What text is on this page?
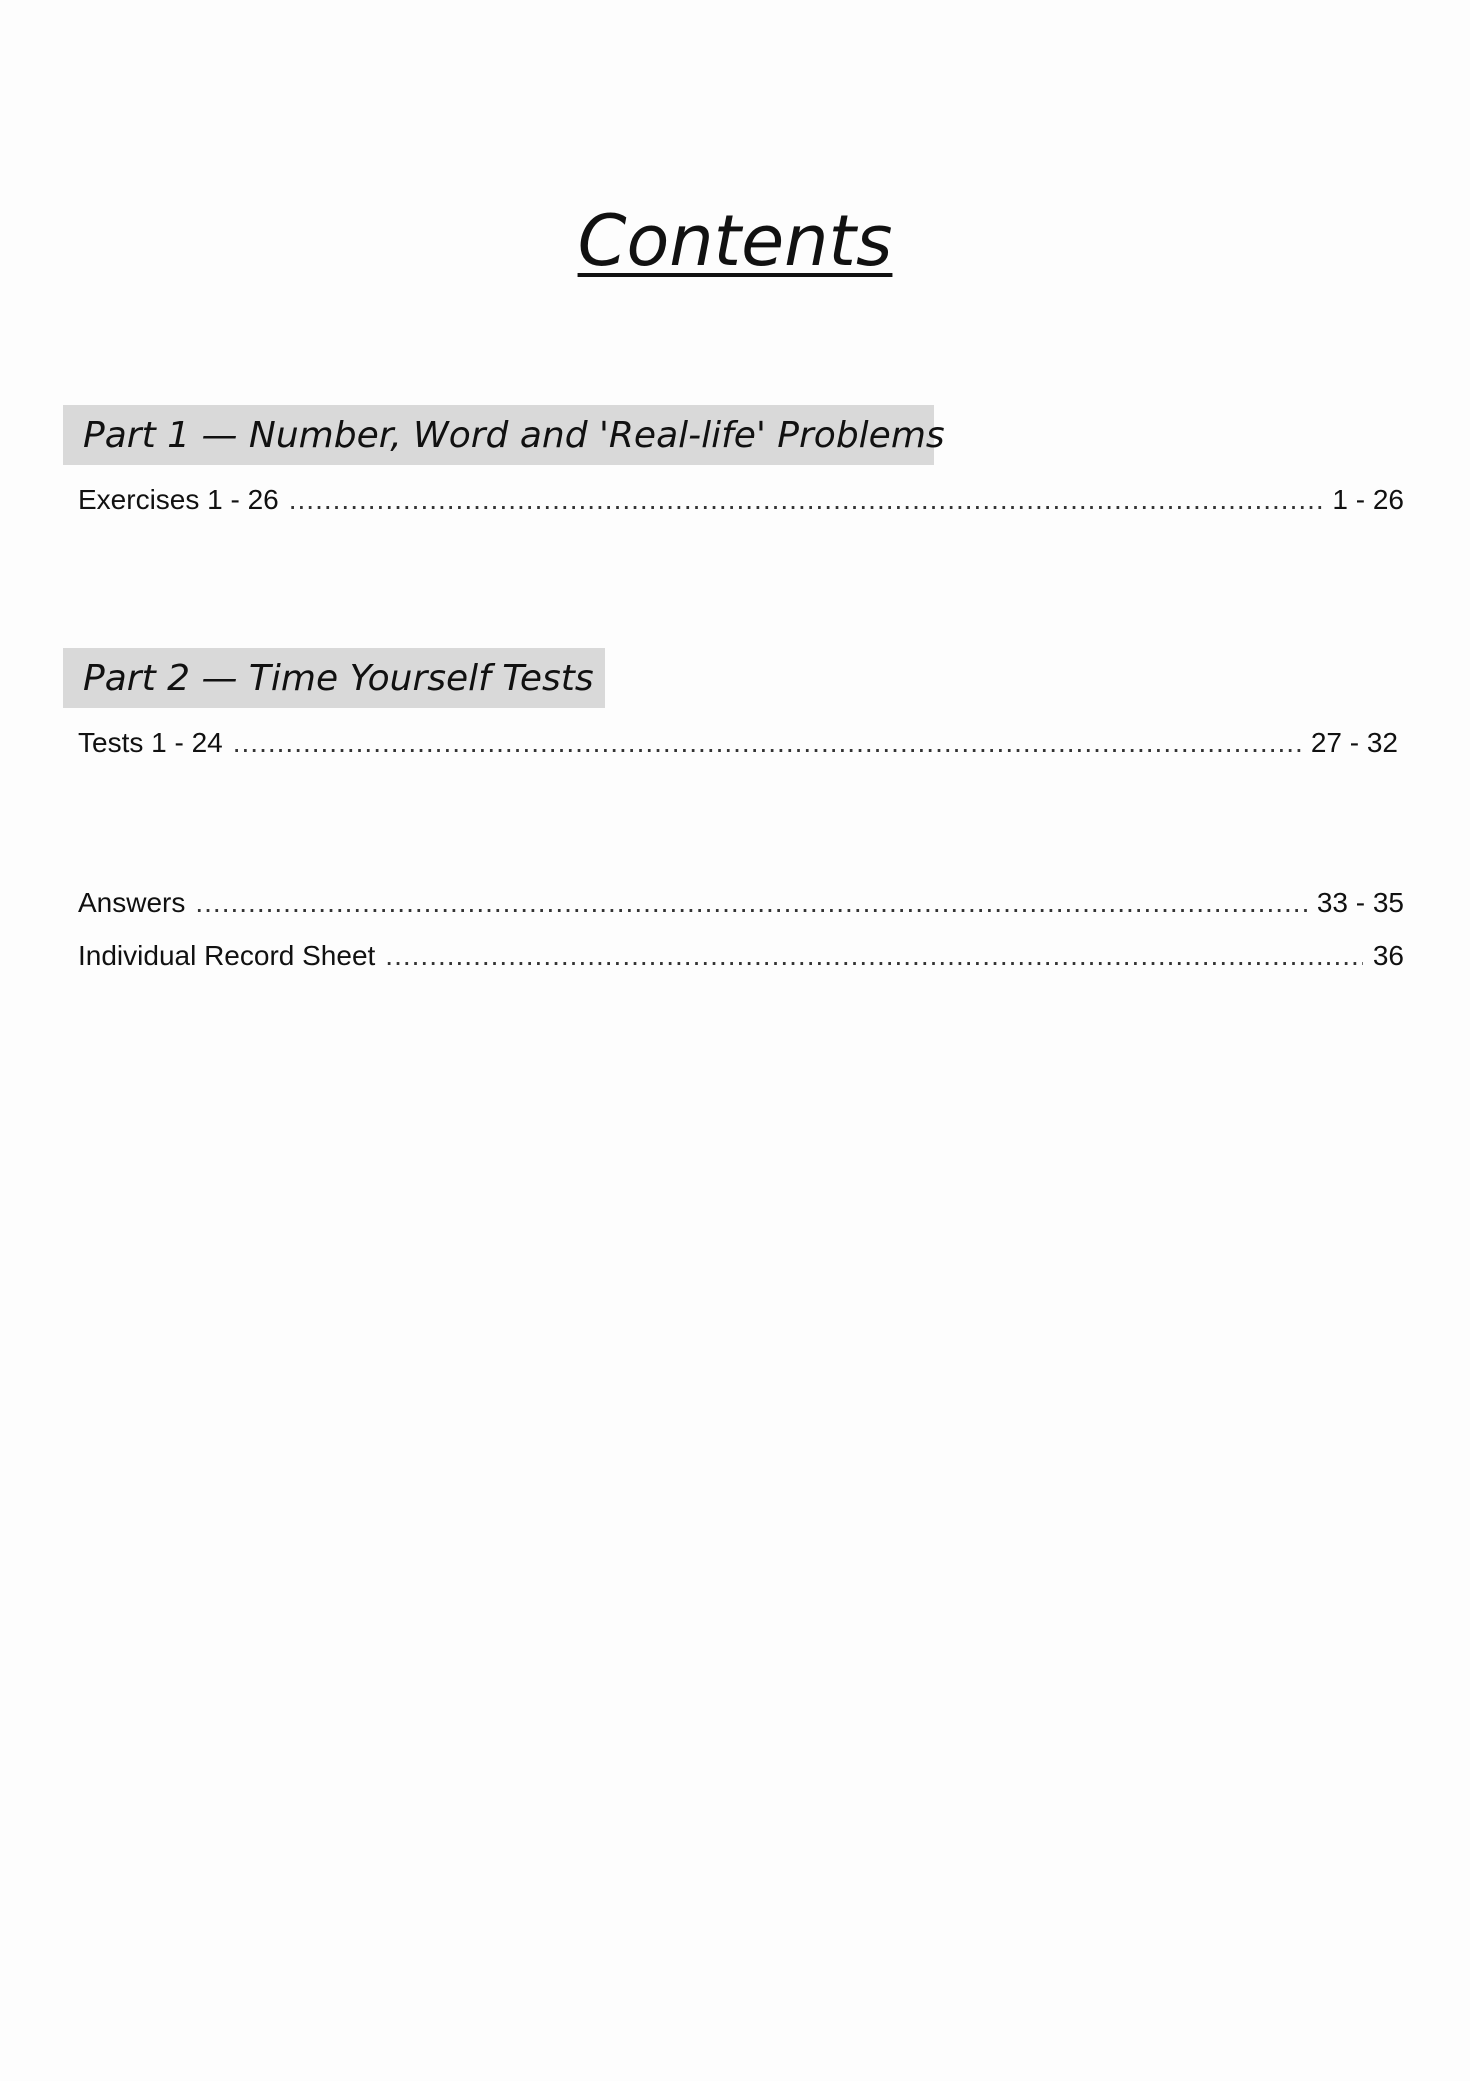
Contents
Part 1 — Number, Word and 'Real-life' Problems
Exercises 1 - 26 .....	1 - 26
Part 2 — Time Yourself Tests
Tests 1 - 24 .....	27 - 32
Answers .....	33 - 35
Individual Record Sheet .....	36
